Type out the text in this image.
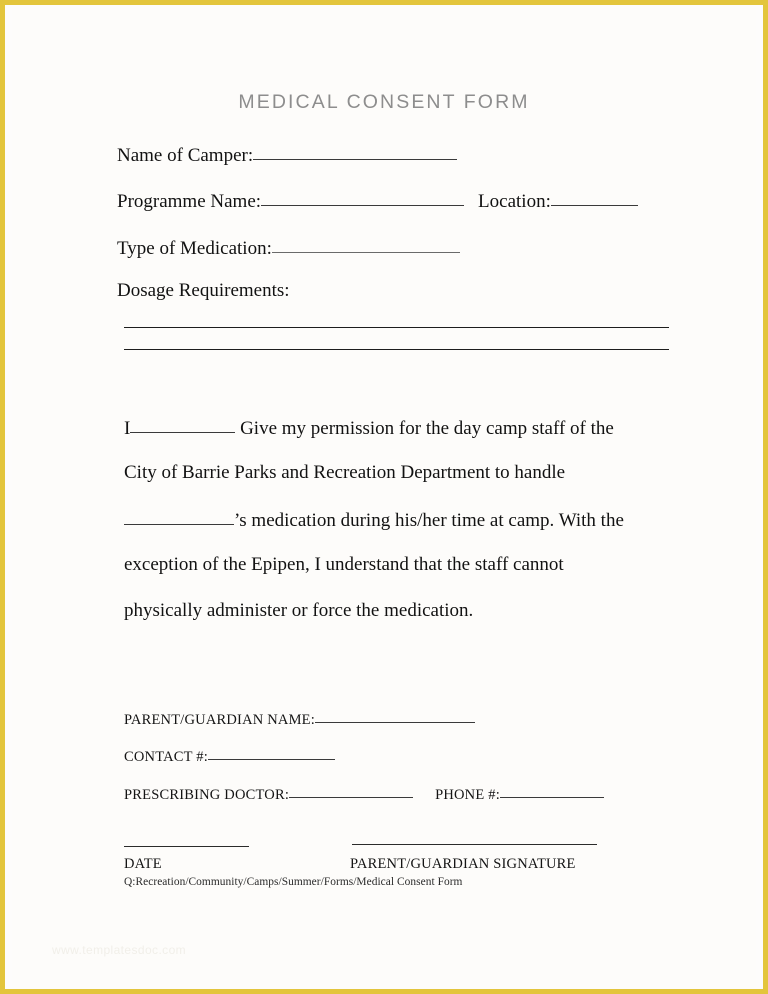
MEDICAL CONSENT FORM
Name of Camper:
Programme Name:	Location:
Type of Medication:
Dosage Requirements:
I	Give my permission for the day camp staff of the
City of Barrie Parks and Recreation Department to handle
’s medication during his/her time at camp. With the
exception of the Epipen, I understand that the staff cannot
physically administer or force the medication.
PARENT/GUARDIAN NAME:
CONTACT #:
PRESCRIBING DOCTOR:	PHONE #:
DATE	PARENT/GUARDIAN SIGNATURE
Q:Recreation/Community/Camps/Summer/Forms/Medical Consent Form
www.templatesdoc.com
